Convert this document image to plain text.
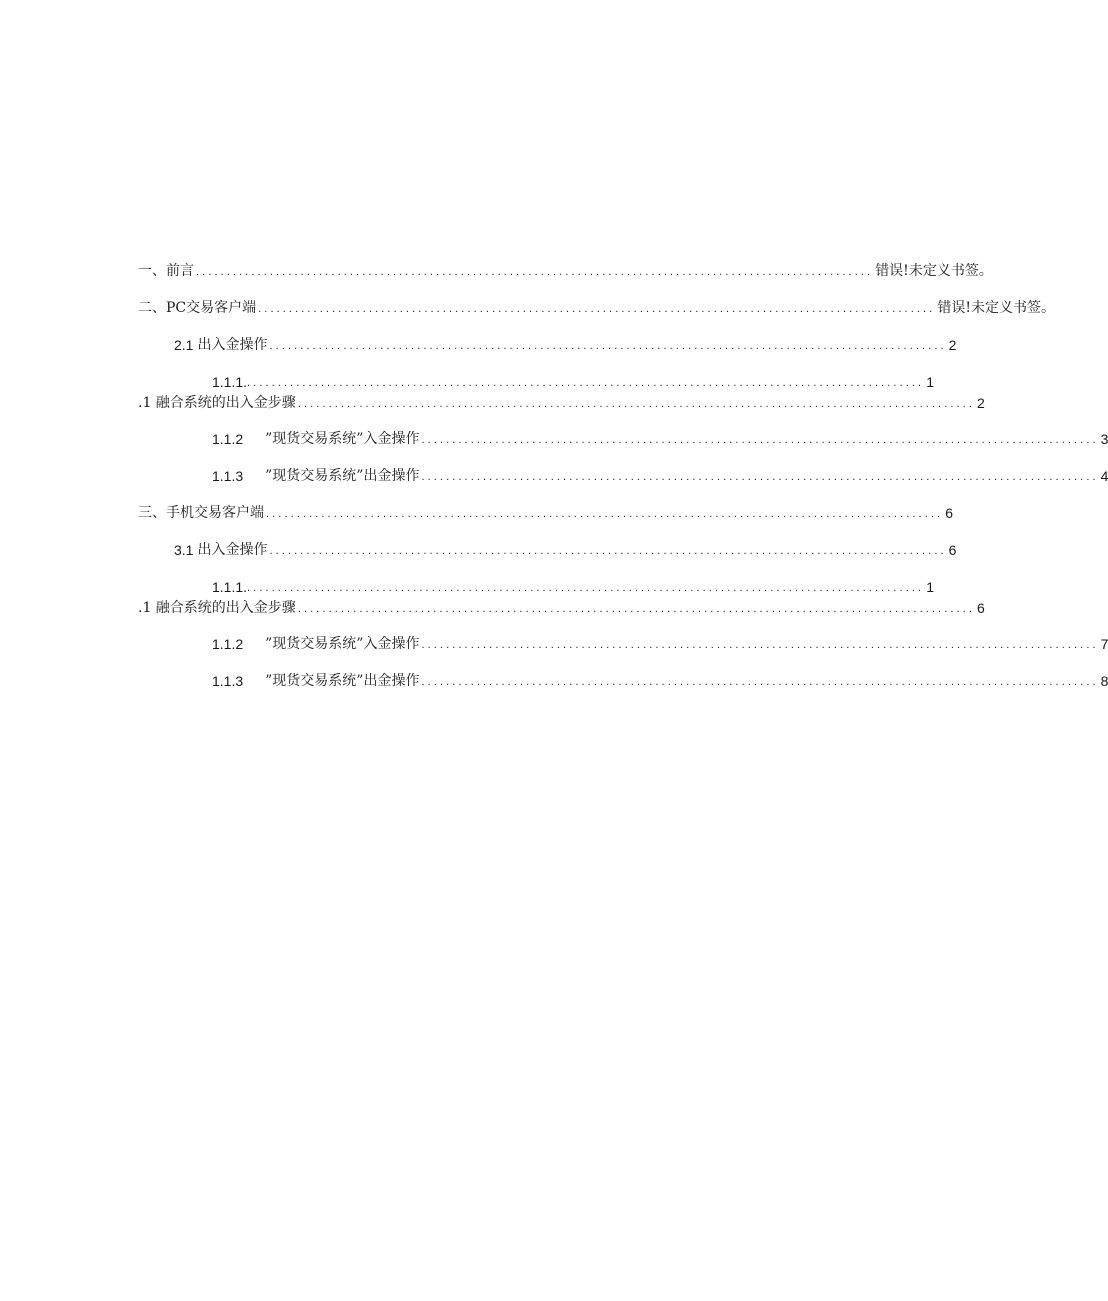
一、前言 .............................................................................................................. 错误!未定义书签。
二、PC交易客户端 .............................................................................................................. 错误!未定义书签。
2.1 出入金操作 .............................................................................................................. 2
1.1.1. .............................................................................................................. 1
.1 融合系统的出入金步骤 .............................................................................................................. 2
1.1.2 ”现货交易系统”入金操作 .............................................................................................................. 3
1.1.3 ”现货交易系统”出金操作 .............................................................................................................. 4
三、手机交易客户端 .............................................................................................................. 6
3.1 出入金操作 .............................................................................................................. 6
1.1.1. .............................................................................................................. 1
.1 融合系统的出入金步骤 .............................................................................................................. 6
1.1.2 ”现货交易系统”入金操作 .............................................................................................................. 7
1.1.3 ”现货交易系统”出金操作 .............................................................................................................. 8
